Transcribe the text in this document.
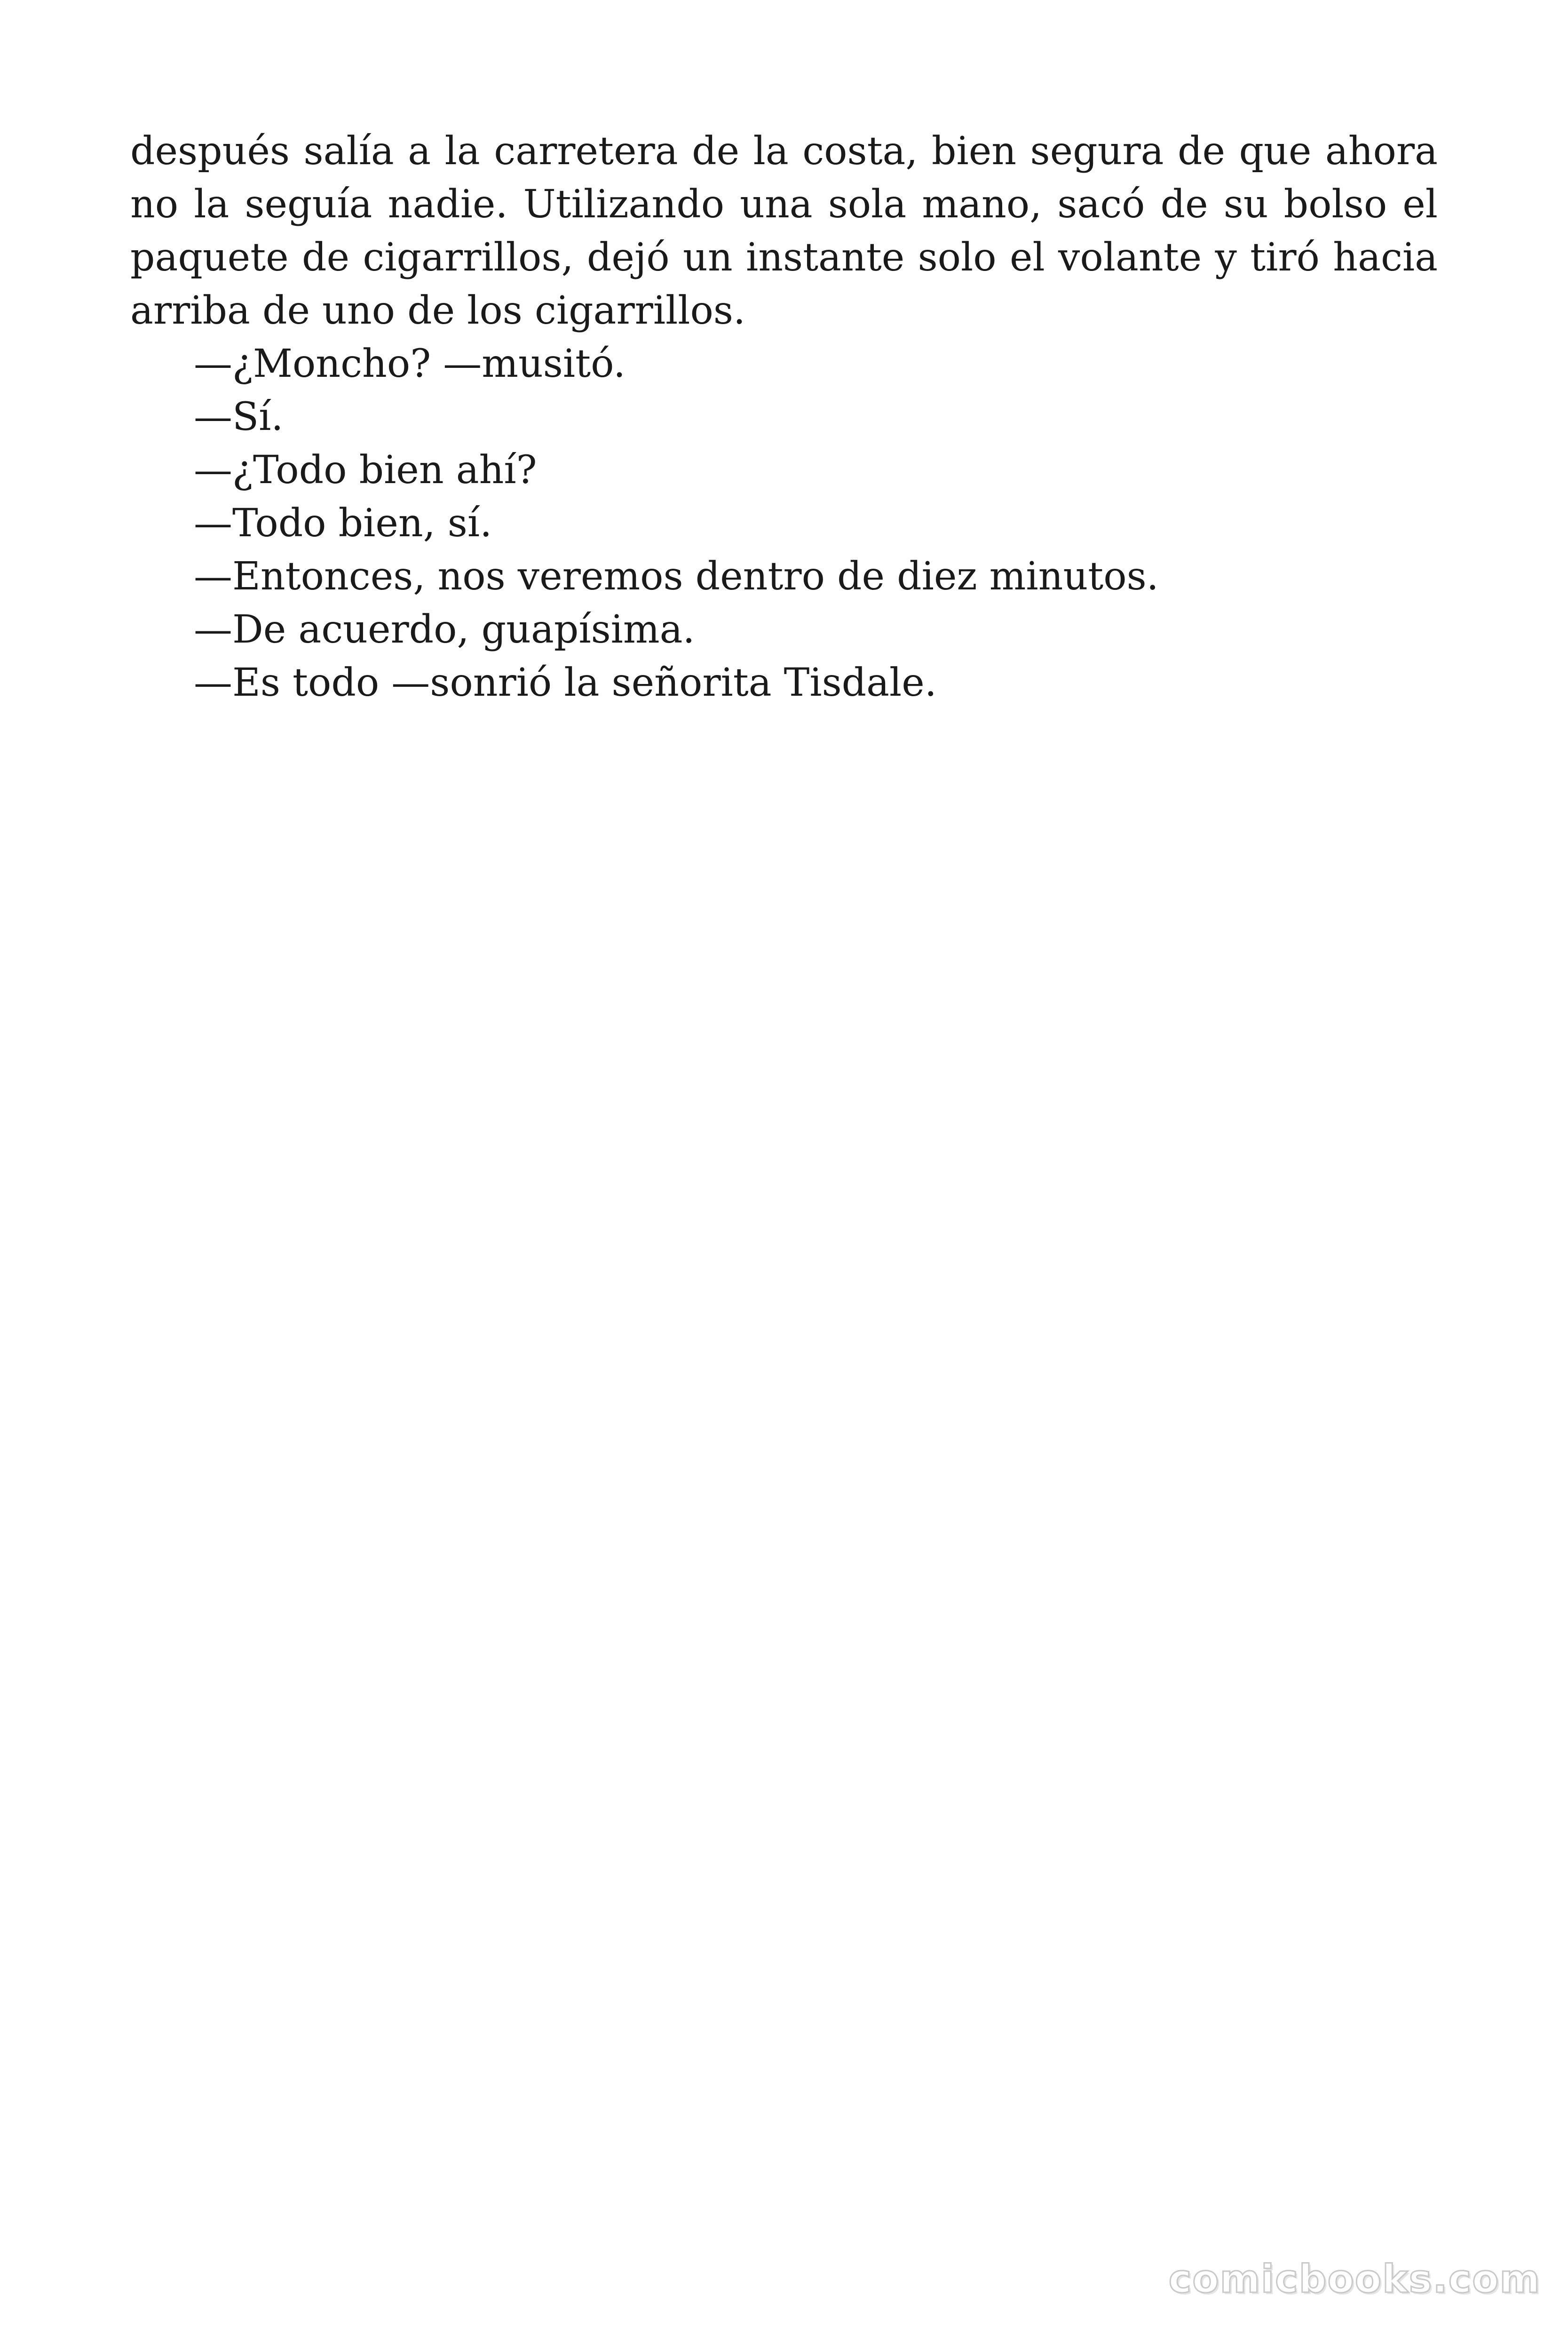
después salía a la carretera de la costa, bien segura de que ahora no la seguía nadie. Utilizando una sola mano, sacó de su bolso el paquete de cigarrillos, dejó un instante solo el volante y tiró hacia arriba de uno de los cigarrillos.

—¿Moncho? —musitó.

—Sí.

—¿Todo bien ahí?

—Todo bien, sí.

—Entonces, nos veremos dentro de diez minutos.

—De acuerdo, guapísima.

—Es todo —sonrió la señorita Tisdale.

comicbooks.com
